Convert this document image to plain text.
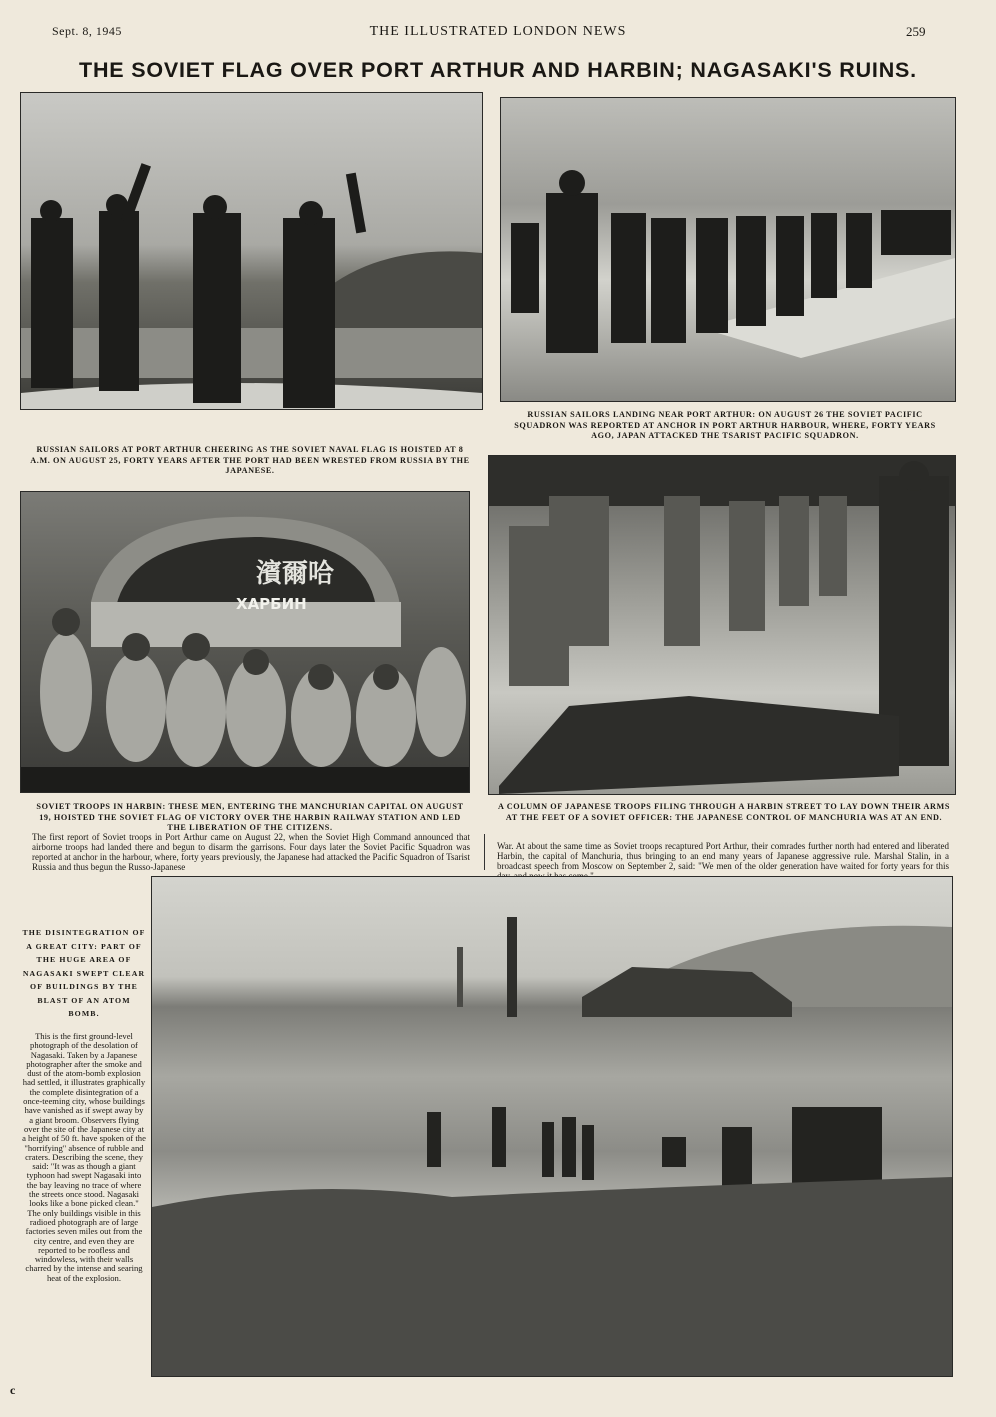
Sept. 8, 1945	THE ILLUSTRATED LONDON NEWS	259
THE SOVIET FLAG OVER PORT ARTHUR AND HARBIN; NAGASAKI'S RUINS.
RUSSIAN SAILORS AT PORT ARTHUR CHEERING AS THE SOVIET NAVAL FLAG IS HOISTED AT 8 A.M. ON AUGUST 25, FORTY YEARS AFTER THE PORT HAD BEEN WRESTED FROM RUSSIA BY THE JAPANESE.
RUSSIAN SAILORS LANDING NEAR PORT ARTHUR: ON AUGUST 26 THE SOVIET PACIFIC SQUADRON WAS REPORTED AT ANCHOR IN PORT ARTHUR HARBOUR, WHERE, FORTY YEARS AGO, JAPAN ATTACKED THE TSARIST PACIFIC SQUADRON.
濱爾哈
ХАРБИН
SOVIET TROOPS IN HARBIN: THESE MEN, ENTERING THE MANCHURIAN CAPITAL ON AUGUST 19, HOISTED THE SOVIET FLAG OF VICTORY OVER THE HARBIN RAILWAY STATION AND LED THE LIBERATION OF THE CITIZENS.
A COLUMN OF JAPANESE TROOPS FILING THROUGH A HARBIN STREET TO LAY DOWN THEIR ARMS AT THE FEET OF A SOVIET OFFICER: THE JAPANESE CONTROL OF MANCHURIA WAS AT AN END.
The first report of Soviet troops in Port Arthur came on August 22, when the Soviet High Command announced that airborne troops had landed there and begun to disarm the garrisons. Four days later the Soviet Pacific Squadron was reported at anchor in the harbour, where, forty years previously, the Japanese had attacked the Pacific Squadron of Tsarist Russia and thus begun the Russo-Japanese
War. At about the same time as Soviet troops recaptured Port Arthur, their comrades further north had entered and liberated Harbin, the capital of Manchuria, thus bringing to an end many years of Japanese aggressive rule. Marshal Stalin, in a broadcast speech from Moscow on September 2, said: "We men of the older generation have waited for forty years for this
THE DISINTEGRATION OF A GREAT CITY: PART OF THE HUGE AREA OF NAGASAKI SWEPT CLEAR OF BUILDINGS BY THE BLAST OF AN ATOM BOMB.
This is the first ground-level photograph of the desolation of Nagasaki. Taken by a Japanese photographer after the smoke and dust of the atom-bomb explosion had settled, it illustrates graphically the complete disintegration of a once-teeming city, whose buildings have vanished as if swept away by a giant broom. Observers flying over the site of the Japanese city at a height of 50 ft. have spoken of the "horrifying" absence of rubble and craters. Describing the scene, they said: "It was as though a giant typhoon had swept Nagasaki into the bay leaving no trace of where the streets once stood. Nagasaki looks like a bone picked clean." The only buildings visible in this radioed photograph are of large factories seven miles out from the city centre, and even they are reported to be roofless and windowless, with their walls charred by the intense and searing heat of the explosion.
c
